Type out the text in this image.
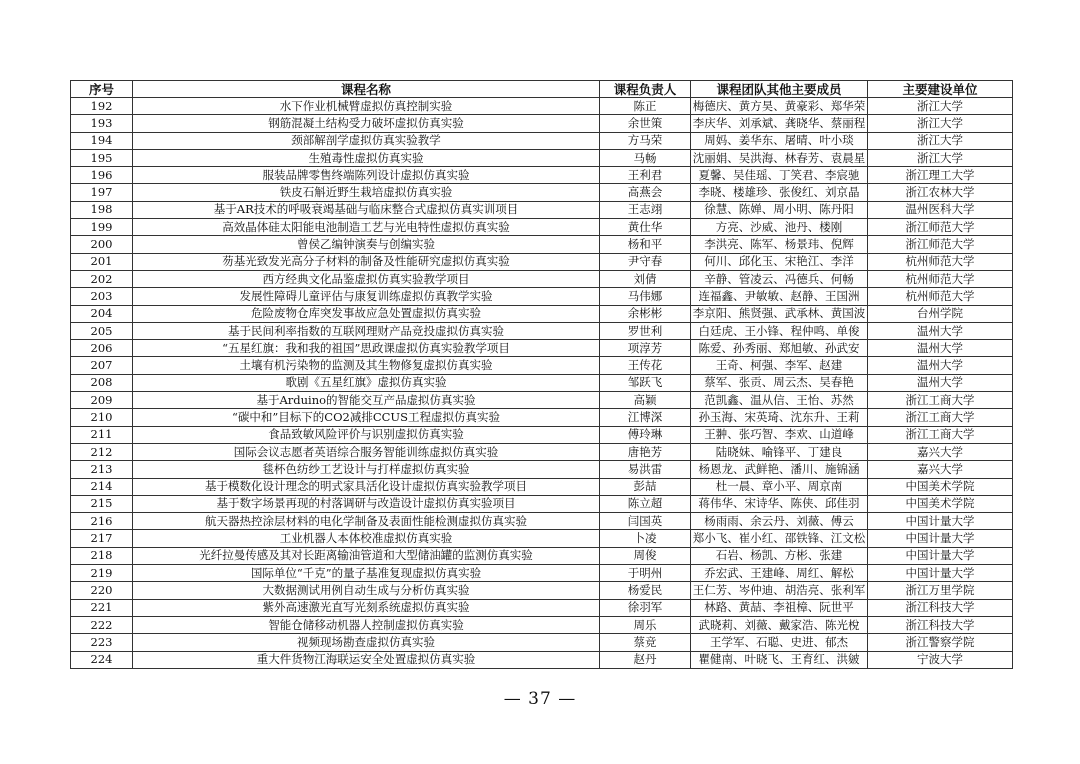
序号	课程名称	课程负责人	课程团队其他主要成员	主要建设单位
192	水下作业机械臂虚拟仿真控制实验	陈正	梅德庆、黄方昊、黄豪彩、郑华荣	浙江大学
193	钢筋混凝土结构受力破坏虚拟仿真实验	余世策	李庆华、刘承斌、龚晓华、蔡丽程	浙江大学
194	颈部解剖学虚拟仿真实验教学	方马荣	周妈、姜华东、屠晴、叶小琰	浙江大学
195	生殖毒性虚拟仿真实验	马畅	沈丽娟、吴洪海、林春芳、袁晨星	浙江大学
196	服装品牌零售终端陈列设计虚拟仿真实验	王利君	夏馨、吴佳瑶、丁笑君、李宸驰	浙江理工大学
197	铁皮石斛近野生栽培虚拟仿真实验	高燕会	李晓、楼雄珍、张俊红、刘京晶	浙江农林大学
198	基于AR技术的呼吸衰竭基础与临床整合式虚拟仿真实训项目	王志翊	徐慧、陈婵、周小明、陈丹阳	温州医科大学
199	高效晶体硅太阳能电池制造工艺与光电特性虚拟仿真实验	黄仕华	方亮、沙威、池丹、楼刚	浙江师范大学
200	曾侯乙编钟演奏与创编实验	杨和平	李洪亮、陈军、杨景玮、倪辉	浙江师范大学
201	芴基光致发光高分子材料的制备及性能研究虚拟仿真实验	尹守春	何川、邱化玉、宋艳江、李洋	杭州师范大学
202	西方经典文化品鉴虚拟仿真实验教学项目	刘倩	辛静、管凌云、冯德兵、何畅	杭州师范大学
203	发展性障碍儿童评估与康复训练虚拟仿真教学实验	马伟娜	连福鑫、尹敏敏、赵静、王国洲	杭州师范大学
204	危险废物仓库突发事故应急处置虚拟仿真实验	余彬彬	李京阳、熊贤强、武承林、黄国波	台州学院
205	基于民间利率指数的互联网理财产品竞投虚拟仿真实验	罗世利	白廷虎、王小锋、程仲鸣、单俊	温州大学
206	“五星红旗：我和我的祖国”思政课虚拟仿真实验教学项目	项淳芳	陈爱、孙秀丽、郑旭敏、孙武安	温州大学
207	土壤有机污染物的监测及其生物修复虚拟仿真实验	王传花	王奇、柯强、李军、赵建	温州大学
208	歌剧《五星红旗》虚拟仿真实验	邹跃飞	蔡军、张贡、周云杰、吴春艳	温州大学
209	基于Arduino的智能交互产品虚拟仿真实验	高颖	范凯鑫、温从信、王怡、苏然	浙江工商大学
210	“碳中和”目标下的CO2减排CCUS工程虚拟仿真实验	江博深	孙玉海、宋英琦、沈东升、王莉	浙江工商大学
211	食品致敏风险评价与识别虚拟仿真实验	傅玲琳	王翀、张巧智、李欢、山道峰	浙江工商大学
212	国际会议志愿者英语综合服务智能训练虚拟仿真实验	唐艳芳	陆晓妹、喻锋平、丁建良	嘉兴大学
213	毯杯色纺纱工艺设计与打样虚拟仿真实验	易洪雷	杨恩龙、武鲜艳、潘川、施锦涵	嘉兴大学
214	基于模数化设计理念的明式家具活化设计虚拟仿真实验教学项目	彭喆	杜一晨、章小平、周京南	中国美术学院
215	基于数字场景再现的村落调研与改造设计虚拟仿真实验项目	陈立超	蒋伟华、宋诗华、陈侠、邱佳羽	中国美术学院
216	航天器热控涂层材料的电化学制备及表面性能检测虚拟仿真实验	闫国英	杨雨雨、余云丹、刘薇、傅云	中国计量大学
217	工业机器人本体校准虚拟仿真实验	卜凌	郑小飞、崔小红、邵铁锋、江文松	中国计量大学
218	光纤拉曼传感及其对长距离输油管道和大型储油罐的监测仿真实验	周俊	石岩、杨凯、方彬、张建	中国计量大学
219	国际单位“千克”的量子基准复现虚拟仿真实验	于明州	乔宏武、王建峰、周红、解松	中国计量大学
220	大数据测试用例自动生成与分析仿真实验	杨爱民	王仁芳、岑仲迪、胡浩亮、张利军	浙江万里学院
221	紫外高速激光直写光刻系统虚拟仿真实验	徐羽军	林路、黄喆、李祖樟、阮世平	浙江科技大学
222	智能仓储移动机器人控制虚拟仿真实验	周乐	武晓莉、刘薇、戴家浩、陈光梲	浙江科技大学
223	视频现场勘查虚拟仿真实验	蔡竞	王学军、石聪、史进、郁杰	浙江警察学院
224	重大件货物江海联运安全处置虚拟仿真实验	赵丹	瞿健南、叶晓飞、王育红、洪皴	宁波大学
— 37 —
